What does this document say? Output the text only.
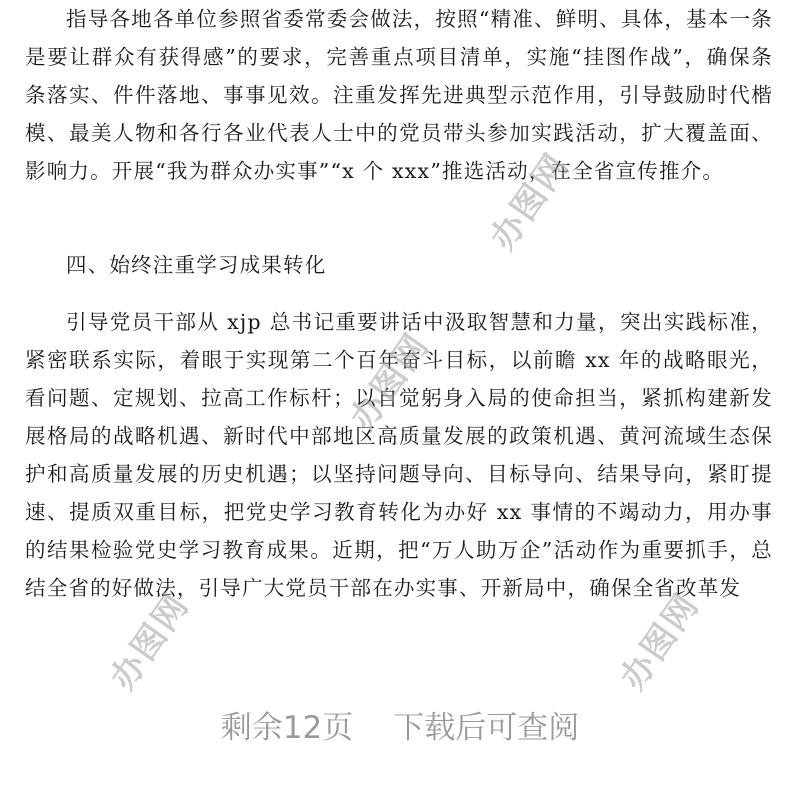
指导各地各单位参照省委常委会做法，按照“精准、鲜明、具体，基本一条是要让群众有获得感”的要求，完善重点项目清单，实施“挂图作战”，确保条条落实、件件落地、事事见效。注重发挥先进典型示范作用，引导鼓励时代楷模、最美人物和各行各业代表人士中的党员带头参加实践活动，扩大覆盖面、影响力。开展“我为群众办实事”“x 个 xxx”推选活动，在全省宣传推介。

四、始终注重学习成果转化

引导党员干部从 xjp 总书记重要讲话中汲取智慧和力量，突出实践标准，紧密联系实际，着眼于实现第二个百年奋斗目标，以前瞻 xx 年的战略眼光，看问题、定规划、拉高工作标杆；以自觉躬身入局的使命担当，紧抓构建新发展格局的战略机遇、新时代中部地区高质量发展的政策机遇、黄河流域生态保护和高质量发展的历史机遇；以坚持问题导向、目标导向、结果导向，紧盯提速、提质双重目标，把党史学习教育转化为办好 xx 事情的不竭动力，用办事的结果检验党史学习教育成果。近期，把“万人助万企”活动作为重要抓手，总结全省的好做法，引导广大党员干部在办实事、开新局中，确保全省改革发

办图网
办图网
办图网
办图网
剩余12页 下载后可查阅
